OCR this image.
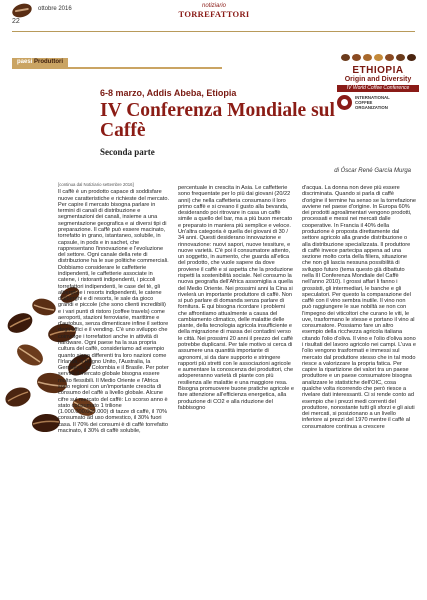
ottobre 2016
22
notiziario
TORREFATTORI
paesi Produttori
ETHIOPIA
Origin and Diversity
IV World Coffee Conference
INTERNATIONAL
COFFEE
ORGANIZATION
6-8 marzo, Addis Abeba, Etiopia
IV Conferenza Mondiale sul Caffè
Seconda parte
di Óscar René García Murga

[continua dal Notiziario settembre 2016]

Il caffè è un prodotto capace di soddisfare nuove caratteristiche e richieste del mercato. Per capire il mercato bisogna parlare in termini di canali di distribuzione e segmentazioni dei canali, insieme a una segmentazione geografica e ai diversi tipi di preparazione. Il caffè può essere macinato, torrefatto in grano, istantaneo, solubile, in capsule, in pods e in sachet, che rappresentano l'innovazione e l'evoluzione del settore. Ogni canale della rete di distribuzione ha le sue politiche commerciali. Dobbiamo considerare le caffetterie indipendenti, le caffetterie associate in catene, i ristoranti indipendenti, i piccoli torrefattori indipendenti, le case del tè, gli alberghi e i resorts indipendenti, le catene d'alberghi e di resorts, le sale da gioco grandi e piccole (che sono clienti incredibili) e i vari punti di ristoro (coffee travels) come aeroporti, stazioni ferroviarie, marittime e d'autobus, senza dimenticare infine il settore degli uffici e il vending. C'è uno sviluppo che coinvolge i torrefattori anche in attività di hardware. Ogni paese ha la sua propria cultura del caffè, consideriamo ad esempio quanto siano differenti tra loro nazioni come l'Irlanda, il Regno Unito, l'Australia, la Germania, la Colombia e il Brasile. Per poter servire il mercato globale bisogna essere molto flessibili. Il Medio Oriente e l'Africa sono regioni con un'importante crescita di consumo del caffè a livello globale. Alcune cifre sul mercato del caffè: Lo scorso anno è stato consumato 1 trilione (1.000.000.000.000) di tazze di caffè, il 70% consumato ad uso domestico, il 30% fuori casa. Il 70% dei consumi è di caffè torrefatto macinato, il 30% di caffè solubile,

percentuale in crescita in Asia. Le caffetterie sono frequentate per lo più dai giovani (20/22 anni) che nella caffetteria consumano il loro primo caffè e si creano il gusto alla bevanda, desiderando poi ritrovare in casa un caffè simile a quello del bar, ma a più buon mercato e preparato in maniera più semplice e veloce. Un'altra categoria è quella dei giovani di 30 / 34 anni. Questi desiderano innovazione e rinnovazione: nuovi sapori, nuove tessiture, e nuove varietà. C'è poi il consumatore attento, un soggetto, in aumento, che guarda all'etica del prodotto, che vuole sapere da dove proviene il caffè e si aspetta che la produzione rispetti la sostenibilità sociale. Nel consumo la nuova geografia dell'Africa assomiglia a quella del Medio Oriente. Nei prossimi anni la Cina si rivelerà un importante produttore di caffè. Non si può parlare di domanda senza parlare di fornitura. E qui bisogna ricordare i problemi che affrontiamo attualmente a causa del cambiamento climatico, delle malattie delle piante, della tecnologia agricola insufficiente e della migrazione di massa dei contadini verso le città. Nei prossimi 20 anni il prezzo del caffè potrebbe duplicarsi. Per tale motivo si cerca di assumere una quantità importante di agronomi, si da dare supporto e stringere rapporti più stretti con le associazioni agricole e aumentare la conoscenza dei produttori, che adopereranno varietà di piante con più resilienza alle malattie e una maggiore resa. Bisogna promuovere buone pratiche agricole e fare attenzione all'efficienza energetica, alla produzione di CO2 e alla riduzione del fabbisogno

d'acqua. La donna non deve più essere discriminata. Quando si parla di caffè d'origine il termine ha senso se la torrefazione avviene nel paese d'origine. In Europa 60% dei prodotti agroalimentari vengono prodotti, processati e messi nei mercati dalle cooperative. In Francia il 40% della produzione è proposta direttamente dal settore agricolo alla grande distribuzione o alla distribuzione specializzata. Il produttore di caffè invece partecipa appena ad una sezione molto corta della filiera, situazione che non gli lascia nessuna possibilità di sviluppo futuro (tema questo già dibattuto nella III Conferenza Mondiale del Caffè nell'anno 2010). I grossi affari li fanno i grossisti, gli intermediari, le banche e gli speculatori. Per questo la comparazione del caffè con il vino sembra inutile. Il vino non può raggiungere le sue nobiltà se non con l'impegno dei viticoltori che curano le viti, le uve, trasformano le stesse e portano il vino al consumatore. Possiamo fare un altro esempio della ricchezza agricola italiana citando l'olio d'oliva. Il vino e l'olio d'oliva sono i risultati del lavoro agricolo nei campi. L'uva e l'olio vengono trasformati e immessi sul mercato dal produttore stesso che in tal modo riesce a valorizzare la propria fatica. Per capire la ripartizione dei valori tra un paese produttore e un paese consumatore bisogna analizzare le statistiche dell'OIC, cosa qualche volta ricorrendo che però riesce a rivelare dati interessanti. Ci si rende conto ad esempio che i prezzi medi correnti del produttore, nonostante tutti gli sforzi e gli aiuti dei mercati, si posizionano a un livello inferiore ai prezzi del 1970 mentre il caffè al consumatore continua a crescere
